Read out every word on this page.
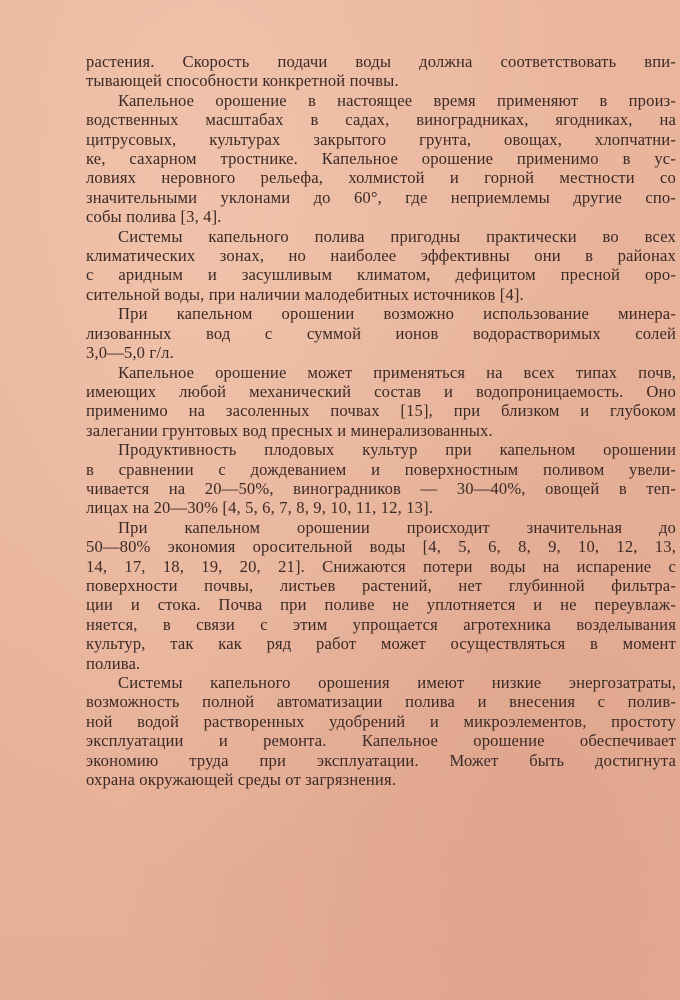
растения. Скорость подачи воды должна соответствовать впи-
тывающей способности конкретной почвы.
Капельное орошение в настоящее время применяют в произ-
водственных масштабах в садах, виноградниках, ягодниках, на
цитрусовых, культурах закрытого грунта, овощах, хлопчатни-
ке, сахарном тростнике. Капельное орошение применимо в ус-
ловиях неровного рельефа, холмистой и горной местности со
значительными уклонами до 60°, где неприемлемы другие спо-
собы полива [3, 4].
Системы капельного полива пригодны практически во всех
климатических зонах, но наиболее эффективны они в районах
с аридным и засушливым климатом, дефицитом пресной оро-
сительной воды, при наличии малодебитных источников [4].
При капельном орошении возможно использование минера-
лизованных вод с суммой ионов водорастворимых солей
3,0—5,0 г/л.
Капельное орошение может применяться на всех типах почв,
имеющих любой механический состав и водопроницаемость. Оно
применимо на засоленных почвах [15], при близком и глубоком
залегании грунтовых вод пресных и минерализованных.
Продуктивность плодовых культур при капельном орошении
в сравнении с дождеванием и поверхностным поливом увели-
чивается на 20—50%, виноградников — 30—40%, овощей в теп-
лицах на 20—30% [4, 5, 6, 7, 8, 9, 10, 11, 12, 13].
При капельном орошении происходит значительная до
50—80% экономия оросительной воды [4, 5, 6, 8, 9, 10, 12, 13,
14, 17, 18, 19, 20, 21]. Снижаются потери воды на испарение с
поверхности почвы, листьев растений, нет глубинной фильтра-
ции и стока. Почва при поливе не уплотняется и не переувлаж-
няется, в связи с этим упрощается агротехника возделывания
культур, так как ряд работ может осуществляться в момент
полива.
Системы капельного орошения имеют низкие энергозатраты,
возможность полной автоматизации полива и внесения с полив-
ной водой растворенных удобрений и микроэлементов, простоту
эксплуатации и ремонта. Капельное орошение обеспечивает
экономию труда при эксплуатации. Может быть достигнута
охрана окружающей среды от загрязнения.
